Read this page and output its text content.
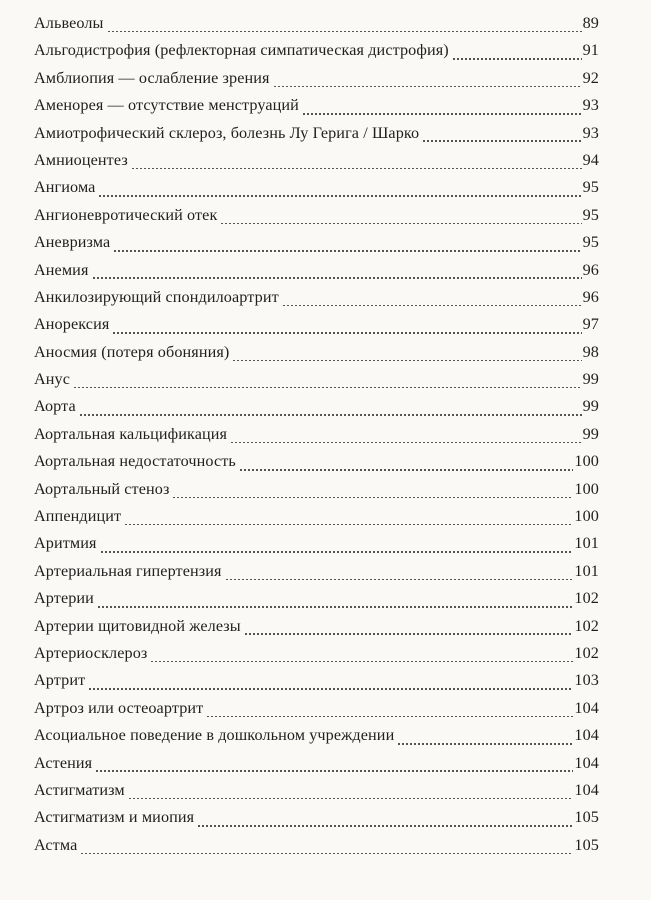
Альвеолы	89
Альгодистрофия (рефлекторная симпатическая дистрофия)	91
Амблиопия — ослабление зрения	92
Аменорея — отсутствие менструаций	93
Амиотрофический склероз, болезнь Лу Герига / Шарко	93
Амниоцентез	94
Ангиома	95
Ангионевротический отек	95
Аневризма	95
Анемия	96
Анкилозирующий спондилоартрит	96
Анорексия	97
Аносмия (потеря обоняния)	98
Анус	99
Аорта	99
Аортальная кальцификация	99
Аортальная недостаточность	100
Аортальный стеноз	100
Аппендицит	100
Аритмия	101
Артериальная гипертензия	101
Артерии	102
Артерии щитовидной железы	102
Артериосклероз	102
Артрит	103
Артроз или остеоартрит	104
Асоциальное поведение в дошкольном учреждении	104
Астения	104
Астигматизм	104
Астигматизм и миопия	105
Астма	105
